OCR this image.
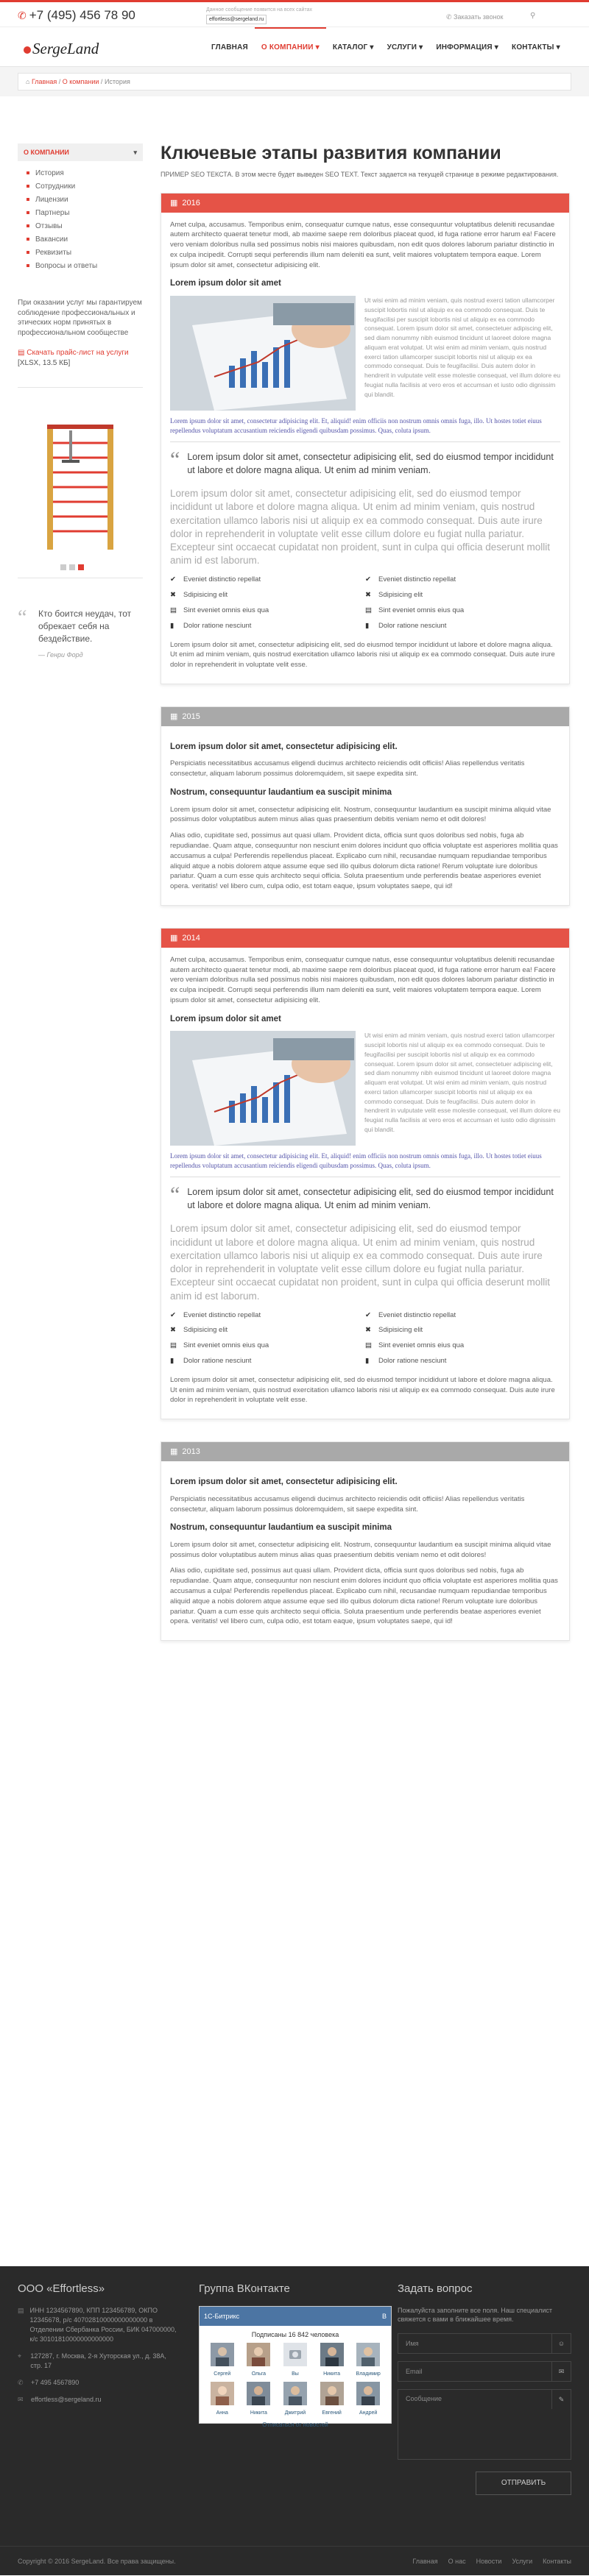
✆ +7 (495) 456 78 90	Данное сообщение появится на всех сайтах
effortless@sergeland.ru	✆ Заказать звонок	⚲
SergeLand	ГЛАВНАЯ	О КОМПАНИИ ▾	КАТАЛОГ ▾	УСЛУГИ ▾	ИНФОРМАЦИЯ ▾	КОНТАКТЫ ▾
⌂ Главная / О компании / История
О КОМПАНИИ	▾
История
Сотрудники
Лицензии
Партнеры
Отзывы
Вакансии
Реквизиты
Вопросы и ответы
При оказании услуг мы гарантируем соблюдение профессиональных и этических норм принятых в профессиональном сообществе
▤ Скачать прайс-лист на услуги [XLSX, 13.5 КБ]
“ Кто боится неудач, тот обрекает себя на бездействие.
— Генри Форд
Ключевые этапы развития компании
ПРИМЕР SEO ТЕКСТА. В этом месте будет выведен SEO TEXT. Текст задается на текущей странице в режиме редактирования.
▦ 2016

Amet culpa, accusamus. Temporibus enim, consequatur cumque natus, esse consequuntur voluptatibus deleniti recusandae autem architecto quaerat tenetur modi, ab maxime saepe rem doloribus placeat quod, id fuga ratione error harum ea! Facere vero veniam doloribus nulla sed possimus nobis nisi maiores quibusdam, non edit quos dolores laborum pariatur distinctio in ex culpa incipedit. Corrupti sequi perferendis illum nam deleniti ea sunt, velit maiores voluptatem tempora eaque. Lorem ipsum dolor sit amet, consectetur adipisicing elit.

Lorem ipsum dolor sit amet
Ut wisi enim ad minim veniam, quis nostrud exerci tation ullamcorper suscipit lobortis nisl ut aliquip ex ea commodo consequat. Duis te feugifacilisi per suscipit lobortis nisl ut aliquip ex ea commodo consequat. Lorem ipsum dolor sit amet, consectetuer adipiscing elit, sed diam nonummy nibh euismod tincidunt ut laoreet dolore magna aliquam erat volutpat. Ut wisi enim ad minim veniam, quis nostrud exerci tation ullamcorper suscipit lobortis nisl ut aliquip ex ea commodo consequat. Duis te feugifacilisi. Duis autem dolor in hendrerit in vulputate velit esse molestie consequat, vel illum dolore eu feugiat nulla facilisis at vero eros et accumsan et iusto odio dignissim qui blandit.
Lorem ipsum dolor sit amet, consectetur adipisicing elit. Et, aliquid! enim officiis non nostrum omnis omnis fuga, illo. Ut hostes totiet eiuus repellendus voluptatum accusantium reiciendis eligendi quibusdam possimus. Quas, coluta ipsum.
“ Lorem ipsum dolor sit amet, consectetur adipisicing elit, sed do eiusmod tempor incididunt ut labore et dolore magna aliqua. Ut enim ad minim veniam.
Lorem ipsum dolor sit amet, consectetur adipisicing elit, sed do eiusmod tempor incididunt ut labore et dolore magna aliqua. Ut enim ad minim veniam, quis nostrud exercitation ullamco laboris nisi ut aliquip ex ea commodo consequat. Duis aute irure dolor in reprehenderit in voluptate velit esse cillum dolore eu fugiat nulla pariatur. Excepteur sint occaecat cupidatat non proident, sunt in culpa qui officia deserunt mollit anim id est laborum.
✔ Eveniet distinctio repellat	✔ Eveniet distinctio repellat
✖ Sdipisicing elit	✖ Sdipisicing elit
▤ Sint eveniet omnis eius qua	▤ Sint eveniet omnis eius qua
▮ Dolor ratione nesciunt	▮ Dolor ratione nesciunt

Lorem ipsum dolor sit amet, consectetur adipisicing elit, sed do eiusmod tempor incididunt ut labore et dolore magna aliqua. Ut enim ad minim veniam, quis nostrud exercitation ullamco laboris nisi ut aliquip ex ea commodo consequat. Duis aute irure dolor in reprehenderit in voluptate velit esse.

▦ 2015
Lorem ipsum dolor sit amet, consectetur adipisicing elit.

Perspiciatis necessitatibus accusamus eligendi ducimus architecto reiciendis odit officiis! Alias repellendus veritatis consectetur, aliquam laborum possimus doloremquidem, sit saepe expedita sint.

Nostrum, consequuntur laudantium ea suscipit minima

Lorem ipsum dolor sit amet, consectetur adipisicing elit. Nostrum, consequuntur laudantium ea suscipit minima aliquid vitae possimus dolor voluptatibus autem minus alias quas praesentium debitis veniam nemo et odit dolores!

Alias odio, cupiditate sed, possimus aut quasi ullam. Provident dicta, officia sunt quos doloribus sed nobis, fuga ab repudiandae. Quam atque, consequuntur non nesciunt enim dolores incidunt quo officia voluptate est asperiores mollitia quas accusamus a culpa! Perferendis repellendus placeat. Explicabo cum nihil, recusandae numquam repudiandae temporibus aliquid atque a nobis dolorem atque assume eque sed illo quibus dolorum dicta ratione! Rerum voluptate iure doloribus pariatur. Quam a cum esse quis architecto sequi officia. Soluta praesentium unde perferendis beatae asperiores eveniet opera. veritatis! vel libero cum, culpa odio, est totam eaque, ipsum voluptates saepe, qui id!

▦ 2014

Amet culpa, accusamus. Temporibus enim, consequatur cumque natus, esse consequuntur voluptatibus deleniti recusandae autem architecto quaerat tenetur modi, ab maxime saepe rem doloribus placeat quod, id fuga ratione error harum ea! Facere vero veniam doloribus nulla sed possimus nobis nisi maiores quibusdam, non edit quos dolores laborum pariatur distinctio in ex culpa incipedit. Corrupti sequi perferendis illum nam deleniti ea sunt, velit maiores voluptatem tempora eaque. Lorem ipsum dolor sit amet, consectetur adipisicing elit.

Lorem ipsum dolor sit amet
Ut wisi enim ad minim veniam, quis nostrud exerci tation ullamcorper suscipit lobortis nisl ut aliquip ex ea commodo consequat. Duis te feugifacilisi per suscipit lobortis nisl ut aliquip ex ea commodo consequat. Lorem ipsum dolor sit amet, consectetuer adipiscing elit, sed diam nonummy nibh euismod tincidunt ut laoreet dolore magna aliquam erat volutpat. Ut wisi enim ad minim veniam, quis nostrud exerci tation ullamcorper suscipit lobortis nisl ut aliquip ex ea commodo consequat. Duis te feugifacilisi. Duis autem dolor in hendrerit in vulputate velit esse molestie consequat, vel illum dolore eu feugiat nulla facilisis at vero eros et accumsan et iusto odio dignissim qui blandit.
Lorem ipsum dolor sit amet, consectetur adipisicing elit. Et, aliquid! enim officiis non nostrum omnis omnis fuga, illo. Ut hostes totiet eiuus repellendus voluptatum accusantium reiciendis eligendi quibusdam possimus. Quas, coluta ipsum.
“ Lorem ipsum dolor sit amet, consectetur adipisicing elit, sed do eiusmod tempor incididunt ut labore et dolore magna aliqua. Ut enim ad minim veniam.
Lorem ipsum dolor sit amet, consectetur adipisicing elit, sed do eiusmod tempor incididunt ut labore et dolore magna aliqua. Ut enim ad minim veniam, quis nostrud exercitation ullamco laboris nisi ut aliquip ex ea commodo consequat. Duis aute irure dolor in reprehenderit in voluptate velit esse cillum dolore eu fugiat nulla pariatur. Excepteur sint occaecat cupidatat non proident, sunt in culpa qui officia deserunt mollit anim id est laborum.
✔ Eveniet distinctio repellat	✔ Eveniet distinctio repellat
✖ Sdipisicing elit	✖ Sdipisicing elit
▤ Sint eveniet omnis eius qua	▤ Sint eveniet omnis eius qua
▮ Dolor ratione nesciunt	▮ Dolor ratione nesciunt

Lorem ipsum dolor sit amet, consectetur adipisicing elit, sed do eiusmod tempor incididunt ut labore et dolore magna aliqua. Ut enim ad minim veniam, quis nostrud exercitation ullamco laboris nisi ut aliquip ex ea commodo consequat. Duis aute irure dolor in reprehenderit in voluptate velit esse.

▦ 2013
Lorem ipsum dolor sit amet, consectetur adipisicing elit.

Perspiciatis necessitatibus accusamus eligendi ducimus architecto reiciendis odit officiis! Alias repellendus veritatis consectetur, aliquam laborum possimus doloremquidem, sit saepe expedita sint.

Nostrum, consequuntur laudantium ea suscipit minima

Lorem ipsum dolor sit amet, consectetur adipisicing elit. Nostrum, consequuntur laudantium ea suscipit minima aliquid vitae possimus dolor voluptatibus autem minus alias quas praesentium debitis veniam nemo et odit dolores!

Alias odio, cupiditate sed, possimus aut quasi ullam. Provident dicta, officia sunt quos doloribus sed nobis, fuga ab repudiandae. Quam atque, consequuntur non nesciunt enim dolores incidunt quo officia voluptate est asperiores mollitia quas accusamus a culpa! Perferendis repellendus placeat. Explicabo cum nihil, recusandae numquam repudiandae temporibus aliquid atque a nobis dolorem atque assume eque sed illo quibus dolorum dicta ratione! Rerum voluptate iure doloribus pariatur. Quam a cum esse quis architecto sequi officia. Soluta praesentium unde perferendis beatae asperiores eveniet opera. veritatis! vel libero cum, culpa odio, est totam eaque, ipsum voluptates saepe, qui id!

ООО «Effortless»
▤ ИНН 1234567890, КПП 123456789, ОКПО 12345678, р/с 40702810000000000000 в Отделении Сбербанка России, БИК 047000000, к/с 30101810000000000000
⌖	127287, г. Москва, 2-я Хуторская ул., д. 38А, стр. 17
✆ +7 495 4567890
✉ effortless@sergeland.ru
Группа ВКонтакте
1С-Битрикс	B
Подписаны 16 842 человека
Сергей	Ольга	Вы	Никита	Владимир
Анна	Никита	Дмитрий	Евгений	Андрей
Отписаться от новостей
Задать вопрос
Пожалуйста заполните все поля. Наш специалист свяжется с вами в ближайшее время.
Имя	☺
Email	✉
Сообщение	✎
ОТПРАВИТЬ
Copyright © 2016 SergeLand. Все права защищены.	Главная О нас Новости Услуги Контакты
